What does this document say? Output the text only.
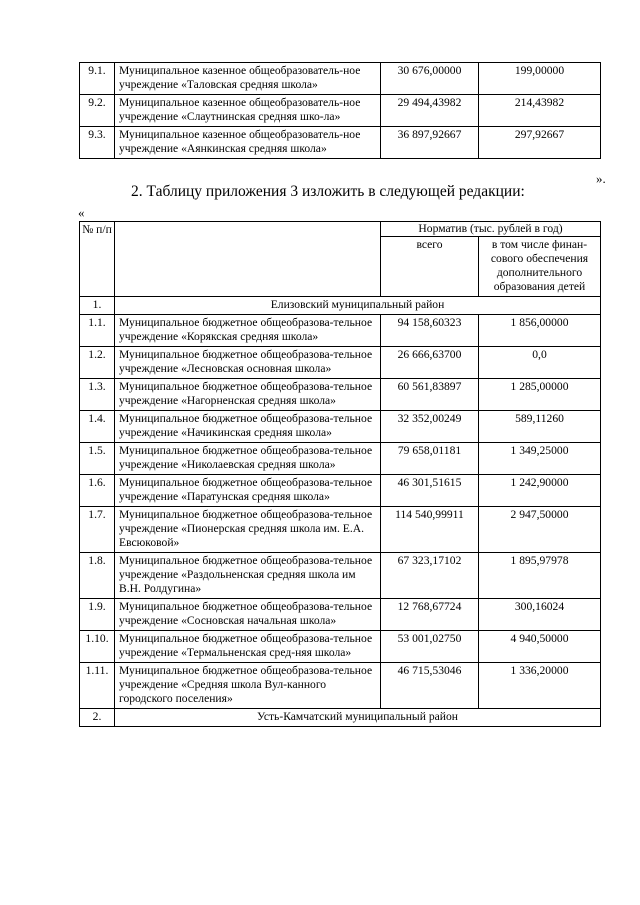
9.1.	Муниципальное казенное общеобразователь-ное учреждение «Таловская средняя школа»	30 676,00000	199,00000
9.2.	Муниципальное казенное общеобразователь-ное учреждение «Слаутнинская средняя шко-ла»	29 494,43982	214,43982
9.3.	Муниципальное казенное общеобразователь-ное учреждение «Аянкинская средняя школа»	36 897,92667	297,92667
».
2. Таблицу приложения 3 изложить в следующей редакции:
«
№ п/п		Норматив (тыс. рублей в год)	
		всего	в том числе финан-сового обеспечения дополнительного образования детей
1.	Елизовский муниципальный район		
1.1.	Муниципальное бюджетное общеобразова-тельное учреждение «Корякская средняя школа»	94 158,60323	1 856,00000
1.2.	Муниципальное бюджетное общеобразова-тельное учреждение «Лесновская основная школа»	26 666,63700	0,0
1.3.	Муниципальное бюджетное общеобразова-тельное учреждение «Нагорненская средняя школа»	60 561,83897	1 285,00000
1.4.	Муниципальное бюджетное общеобразова-тельное учреждение «Начикинская средняя школа»	32 352,00249	589,11260
1.5.	Муниципальное бюджетное общеобразова-тельное учреждение «Николаевская средняя школа»	79 658,01181	1 349,25000
1.6.	Муниципальное бюджетное общеобразова-тельное учреждение «Паратунская средняя школа»	46 301,51615	1 242,90000
1.7.	Муниципальное бюджетное общеобразова-тельное учреждение «Пионерская средняя школа им. Е.А. Евсюковой»	114 540,99911	2 947,50000
1.8.	Муниципальное бюджетное общеобразова-тельное учреждение «Раздольненская средняя школа им В.Н. Ролдугина»	67 323,17102	1 895,97978
1.9.	Муниципальное бюджетное общеобразова-тельное учреждение «Сосновская начальная школа»	12 768,67724	300,16024
1.10.	Муниципальное бюджетное общеобразова-тельное учреждение «Термальненская сред-няя школа»	53 001,02750	4 940,50000
1.11.	Муниципальное бюджетное общеобразова-тельное учреждение «Средняя школа Вул-канного городского поселения»	46 715,53046	1 336,20000
2.	Усть-Камчатский муниципальный район		
